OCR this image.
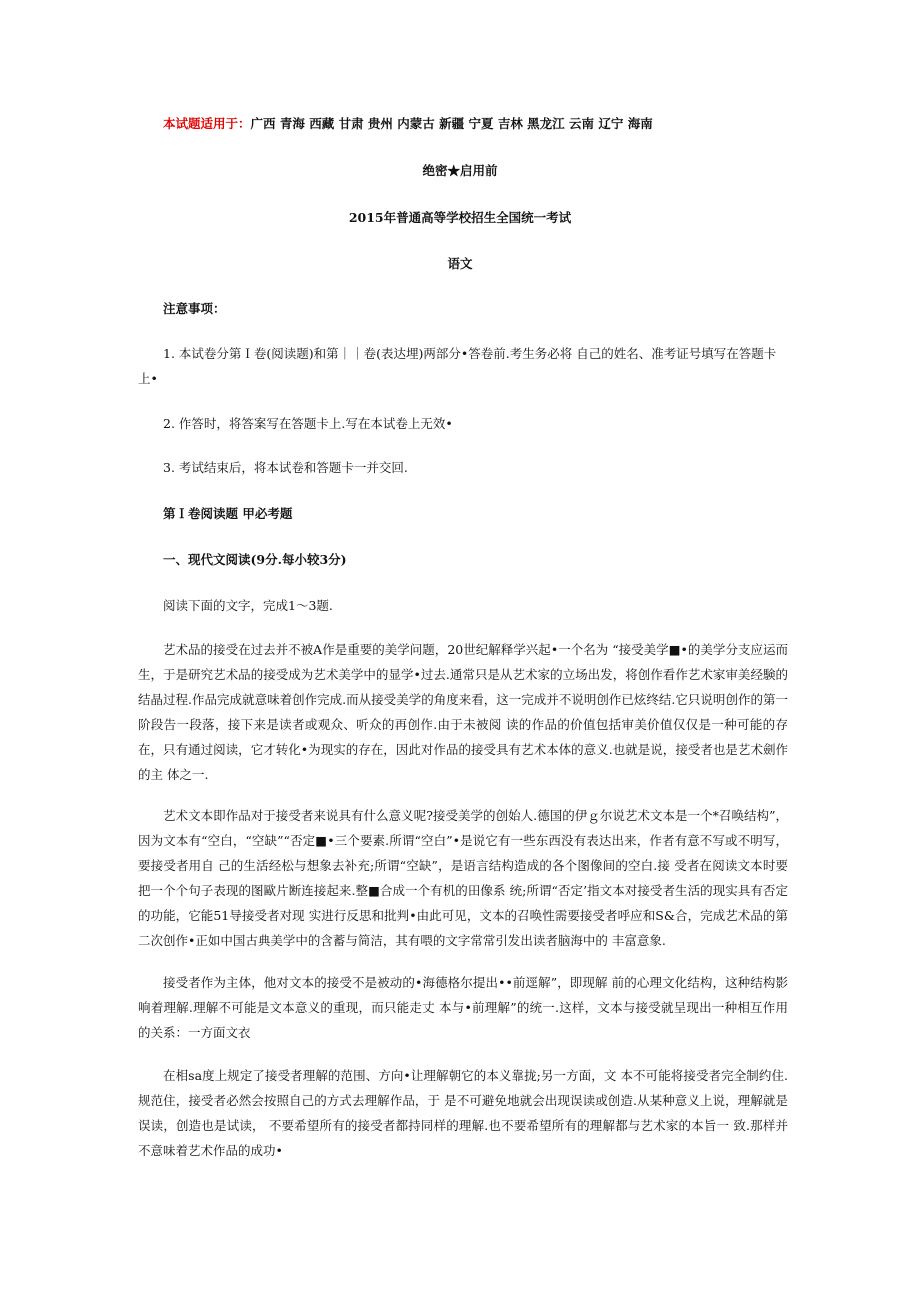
本试题适用于：广西 青海 西藏 甘肃 贵州 内蒙古 新疆 宁夏 吉林 黑龙江 云南 辽宁 海南

绝密★启用前

2015年普通高等学校招生全国统一考试

语文

注意事项：

1. 本试卷分第Ｉ卷(阅读题)和第｜｜卷(表达埋)两部分•答卷前.考生务必将 自己的姓名、准考证号填写在答题卡上•

2. 作答时，将答案写在答题卡上.写在本试卷上无效•

3. 考试结束后，将本试卷和答题卡一并交回.

第Ｉ卷阅读题 甲必考题

一、现代文阅读(9分.每小较3分)

阅读下面的文字，完成1〜3题.

艺术品的接受在过去并不被A作是重要的美学问题，20世纪解释学兴起•一个名为 “接受美学■•的美学分支应运而生，于是研究艺术品的接受成为艺术美学中的显学•过去.通常只是从艺术家的立场出发，将创作看作艺术家审美经験的结晶过程.作品完成就意味着创作完成.而从接受美学的角度来看，这一完成并不说明创作已炫终结.它只说明创作的第一阶段告一段落，接下来是读者或观众、听众的再创作.由于未被阅 读的作品的价值包括审美价值仅仅是一种可能的存在，只有通过阅读，它才转化•为现实的存在，因此对作品的接受具有艺术本体的意义.也就是说，接受者也是艺术劍作的主 体之一.

艺术文本即作品对于接受者来说具有什么意义呢?接受美学的创始人.德国的伊ｇ尔说艺术文本是一个*召唤结构”，因为文本有“空白，“空缺”“否定■•三个要素.所谓“空白”•是说它有一些东西没有表达出来，作者有意不写或不明写，要接受者用自 己的生活经松与想象去补充;所谓“空缺”，是语言结构造成的各个图像间的空白.接 受者在阅读文本时要把一个个句子表现的图歐片断连接起来.整■合成一个有机的田像系 统;所谓“否定’指文本对接受者生活的现实具有否定的功能，它能51导接受者对现 实进行反思和批判•由此可见，文本的召唤性需要接受者呼应和S&合，完成艺术品的第 二次创作•正如中国古典美学中的含蓄与简洁，其有喂的文字常常引发出读者脑海中的 丰富意象.

接受者作为主体，他对文本的接受不是被动的•海德格尔提出••前逕解”，即现解 前的心理文化结构，这种结构影响着理解.理解不可能是文本意义的重现，而只能走丈 本与•前理解”的统一.这样，文本与接受就呈现出一种相互作用的关系：一方面文衣

在相sa度上规定了接受者理解的范围、方向•让理解朝它的本义靠拢;另一方面，文 本不可能将接受者完全制约住.规范住，接受者必然会按照自己的方式去理解作品，于 是不可避免地就会出现误读或创造.从某种意义上说，理解就是误读，创造也是试读， 不要希望所有的接受者都持同样的理解.也不要希望所有的理解都与艺术家的本旨一 致.那样并不意味着艺术作品的成功•
